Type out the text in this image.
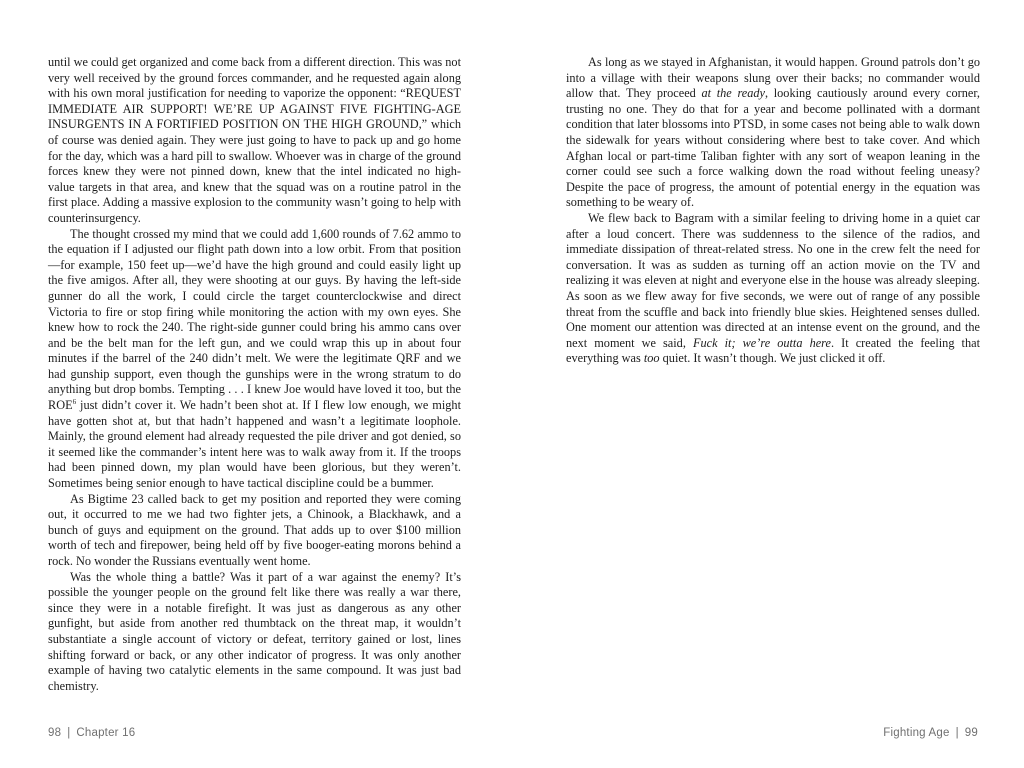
until we could get organized and come back from a different direction. This was not very well received by the ground forces commander, and he requested again along with his own moral justification for needing to vaporize the opponent: “REQUEST IMMEDIATE AIR SUPPORT! WE’RE UP AGAINST FIVE FIGHTING-AGE INSURGENTS IN A FORTIFIED POSITION ON THE HIGH GROUND,” which of course was denied again. They were just going to have to pack up and go home for the day, which was a hard pill to swallow. Whoever was in charge of the ground forces knew they were not pinned down, knew that the intel indicated no high-value targets in that area, and knew that the squad was on a routine patrol in the first place. Adding a massive explosion to the community wasn’t going to help with counterinsurgency.

The thought crossed my mind that we could add 1,600 rounds of 7.62 ammo to the equation if I adjusted our flight path down into a low orbit. From that position—for example, 150 feet up—we’d have the high ground and could easily light up the five amigos. After all, they were shooting at our guys. By having the left-side gunner do all the work, I could circle the target counterclockwise and direct Victoria to fire or stop firing while monitoring the action with my own eyes. She knew how to rock the 240. The right-side gunner could bring his ammo cans over and be the belt man for the left gun, and we could wrap this up in about four minutes if the barrel of the 240 didn’t melt. We were the legitimate QRF and we had gunship support, even though the gunships were in the wrong stratum to do anything but drop bombs. Tempting . . . I knew Joe would have loved it too, but the ROE$^6$ just didn’t cover it. We hadn’t been shot at. If I flew low enough, we might have gotten shot at, but that hadn’t happened and wasn’t a legitimate loophole. Mainly, the ground element had already requested the pile driver and got denied, so it seemed like the commander’s intent here was to walk away from it. If the troops had been pinned down, my plan would have been glorious, but they weren’t. Sometimes being senior enough to have tactical discipline could be a bummer.

As Bigtime 23 called back to get my position and reported they were coming out, it occurred to me we had two fighter jets, a Chinook, a Blackhawk, and a bunch of guys and equipment on the ground. That adds up to over $100 million worth of tech and firepower, being held off by five booger-eating morons behind a rock. No wonder the Russians eventually went home.

Was the whole thing a battle? Was it part of a war against the enemy? It’s possible the younger people on the ground felt like there was really a war there, since they were in a notable firefight. It was just as dangerous as any other gunfight, but aside from another red thumbtack on the threat map, it wouldn’t substantiate a single account of victory or defeat, territory gained or lost, lines shifting forward or back, or any other indicator of progress. It was only another example of having two catalytic elements in the same compound. It was just bad chemistry.

98 | Chapter 16

As long as we stayed in Afghanistan, it would happen. Ground patrols don’t go into a village with their weapons slung over their backs; no commander would allow that. They proceed at the ready, looking cautiously around every corner, trusting no one. They do that for a year and become pollinated with a dormant condition that later blossoms into PTSD, in some cases not being able to walk down the sidewalk for years without considering where best to take cover. And which Afghan local or part-time Taliban fighter with any sort of weapon leaning in the corner could see such a force walking down the road without feeling uneasy? Despite the pace of progress, the amount of potential energy in the equation was something to be weary of.

We flew back to Bagram with a similar feeling to driving home in a quiet car after a loud concert. There was suddenness to the silence of the radios, and immediate dissipation of threat-related stress. No one in the crew felt the need for conversation. It was as sudden as turning off an action movie on the TV and realizing it was eleven at night and everyone else in the house was already sleeping. As soon as we flew away for five seconds, we were out of range of any possible threat from the scuffle and back into friendly blue skies. Heightened senses dulled. One moment our attention was directed at an intense event on the ground, and the next moment we said, Fuck it; we’re outta here. It created the feeling that everything was too quiet. It wasn’t though. We just clicked it off.

Fighting Age | 99
